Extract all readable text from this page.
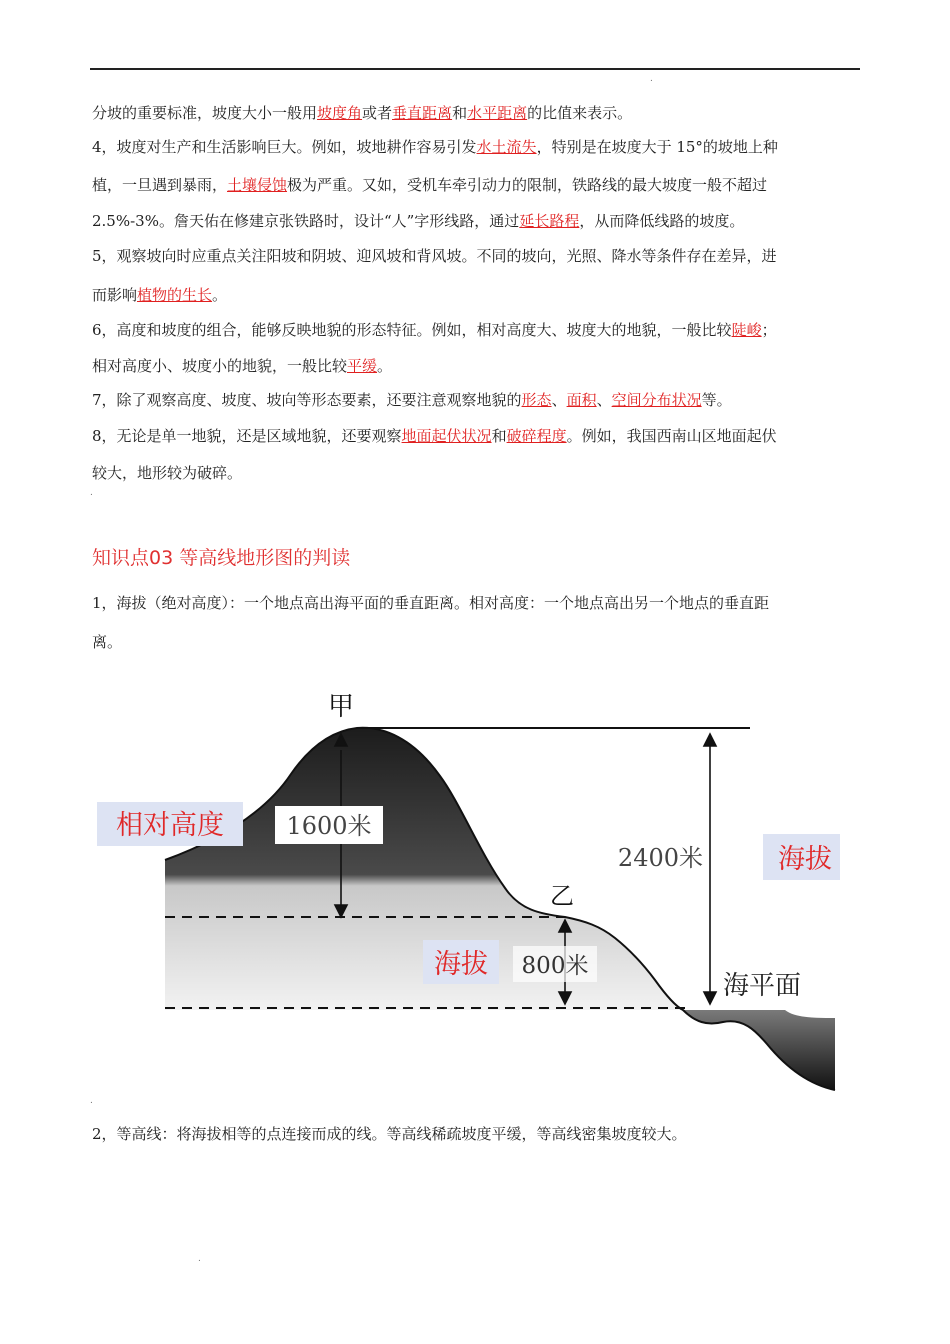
.
分坡的重要标准，坡度大小一般用坡度角或者垂直距离和水平距离的比值来表示。
4，坡度对生产和生活影响巨大。例如，坡地耕作容易引发水土流失，特别是在坡度大于 15°的坡地上种
植，一旦遇到暴雨，土壤侵蚀极为严重。又如，受机车牵引动力的限制，铁路线的最大坡度一般不超过
2.5%-3%。詹天佑在修建京张铁路时，设计“人”字形线路，通过延长路程，从而降低线路的坡度。
5，观察坡向时应重点关注阳坡和阴坡、迎风坡和背风坡。不同的坡向，光照、降水等条件存在差异，进
而影响植物的生长。
6，高度和坡度的组合，能够反映地貌的形态特征。例如，相对高度大、坡度大的地貌，一般比较陡峻；
相对高度小、坡度小的地貌，一般比较平缓。
7，除了观察高度、坡度、坡向等形态要素，还要注意观察地貌的形态、面积、空间分布状况等。
8，无论是单一地貌，还是区域地貌，还要观察地面起伏状况和破碎程度。例如，我国西南山区地面起伏
较大，地形较为破碎。
.
知识点03 等高线地形图的判读
1，海拔（绝对高度）：一个地点高出海平面的垂直距离。相对高度：一个地点高出另一个地点的垂直距
离。
甲
乙
1600米
2400米
800米
海平面
相对高度
海拔
海拔
.
2，等高线：将海拔相等的点连接而成的线。等高线稀疏坡度平缓，等高线密集坡度较大。
.
